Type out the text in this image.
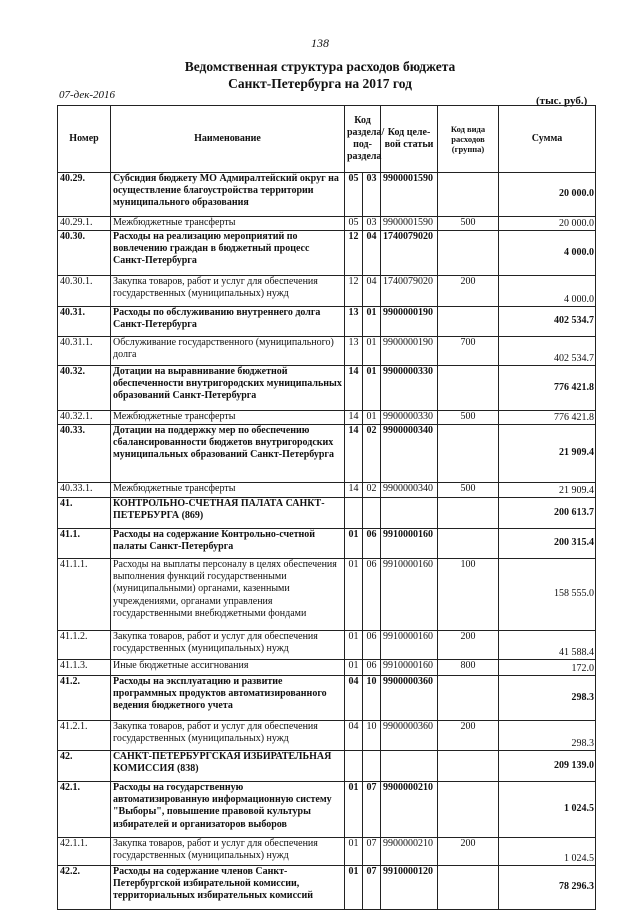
138
Ведомственная структура расходов бюджета
Санкт-Петербурга на 2017 год
07-дек-2016	(тыс. руб.)
Номер	Наименование	Код раздела/ под- раздела		Код целе- вой статьи	Код вида расходов (группа)	Сумма
40.29.	Субсидия бюджету МО Адмиралтейский округ на осуществление благоустройства территории муниципального образования	05	03	9900001590		20 000.0
40.29.1.	Межбюджетные трансферты	05	03	9900001590	500	20 000.0
40.30.	Расходы на реализацию мероприятий по вовлечению граждан в бюджетный процесс Санкт-Петербурга	12	04	1740079020		4 000.0
40.30.1.	Закупка товаров, работ и услуг для обеспечения государственных (муниципальных) нужд	12	04	1740079020	200	4 000.0
40.31.	Расходы по обслуживанию внутреннего долга Санкт-Петербурга	13	01	9900000190		402 534.7
40.31.1.	Обслуживание государственного (муниципального) долга	13	01	9900000190	700	402 534.7
40.32.	Дотации на выравнивание бюджетной обеспеченности внутригородских муниципальных образований Санкт-Петербурга	14	01	9900000330		776 421.8
40.32.1.	Межбюджетные трансферты	14	01	9900000330	500	776 421.8
40.33.	Дотации на поддержку мер по обеспечению сбалансированности бюджетов внутригородских муниципальных образований Санкт-Петербурга	14	02	9900000340		21 909.4
40.33.1.	Межбюджетные трансферты	14	02	9900000340	500	21 909.4
41.	КОНТРОЛЬНО-СЧЕТНАЯ ПАЛАТА САНКТ-ПЕТЕРБУРГА (869)					200 613.7
41.1.	Расходы на содержание Контрольно-счетной палаты Санкт-Петербурга	01	06	9910000160		200 315.4
41.1.1.	Расходы на выплаты персоналу в целях обеспечения выполнения функций государственными (муниципальными) органами, казенными учреждениями, органами управления государственными внебюджетными фондами	01	06	9910000160	100	158 555.0
41.1.2.	Закупка товаров, работ и услуг для обеспечения государственных (муниципальных) нужд	01	06	9910000160	200	41 588.4
41.1.3.	Иные бюджетные ассигнования	01	06	9910000160	800	172.0
41.2.	Расходы на эксплуатацию и развитие программных продуктов автоматизированного ведения бюджетного учета	04	10	9900000360		298.3
41.2.1.	Закупка товаров, работ и услуг для обеспечения государственных (муниципальных) нужд	04	10	9900000360	200	298.3
42.	САНКТ-ПЕТЕРБУРГСКАЯ ИЗБИРАТЕЛЬНАЯ КОМИССИЯ (838)					209 139.0
42.1.	Расходы на государственную автоматизированную информационную систему "Выборы", повышение правовой культуры избирателей и организаторов выборов	01	07	9900000210		1 024.5
42.1.1.	Закупка товаров, работ и услуг для обеспечения государственных (муниципальных) нужд	01	07	9900000210	200	1 024.5
42.2.	Расходы на содержание членов Санкт-Петербургской избирательной комиссии, территориальных избирательных комиссий	01	07	9910000120		78 296.3
